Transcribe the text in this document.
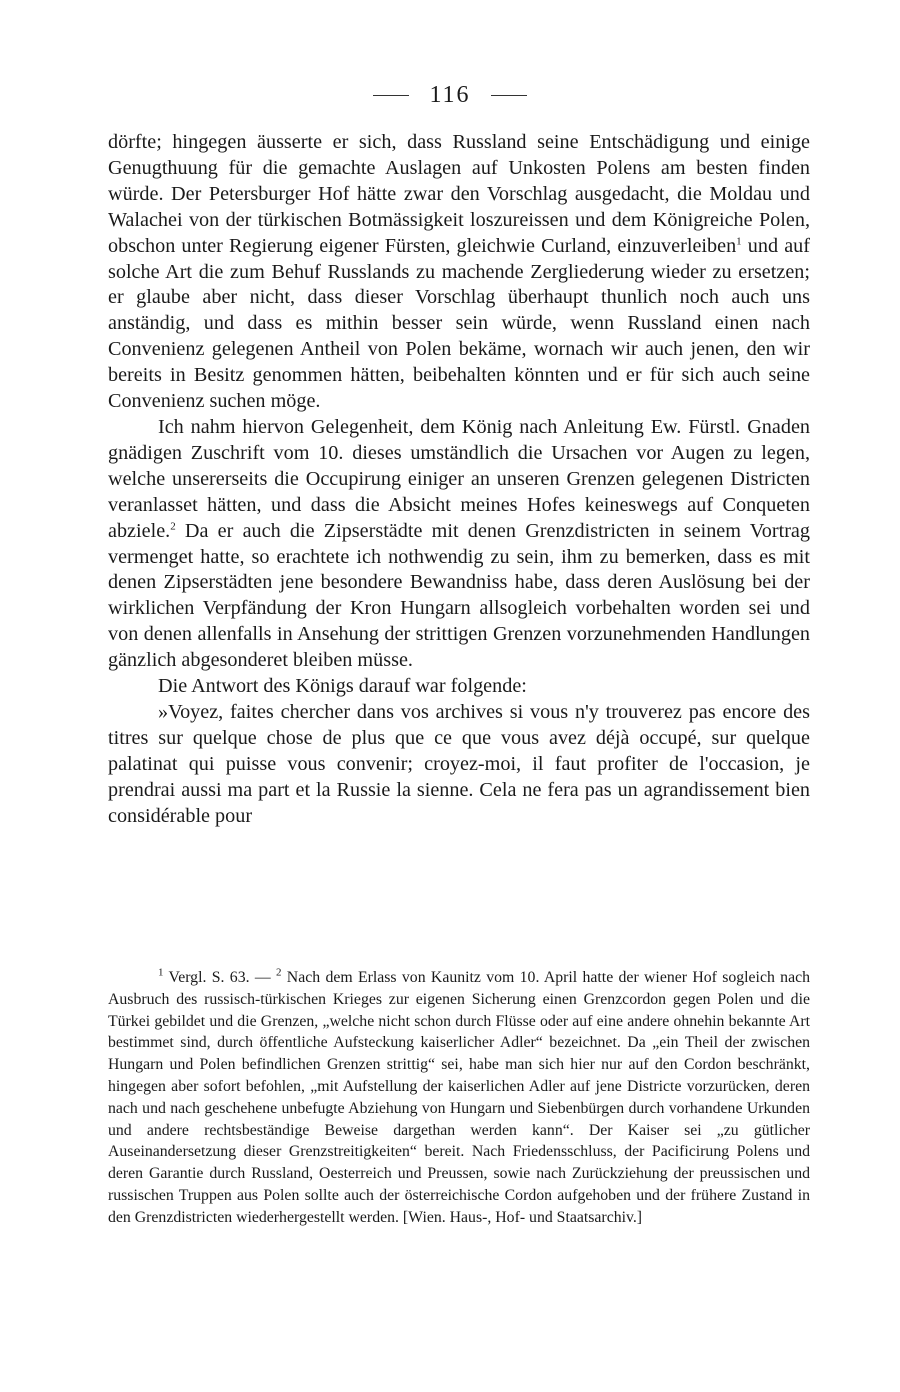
116

dörfte; hingegen äusserte er sich, dass Russland seine Entschädigung und einige Genugthuung für die gemachte Auslagen auf Unkosten Polens am besten finden würde. Der Petersburger Hof hätte zwar den Vorschlag ausgedacht, die Moldau und Walachei von der türkischen Botmässigkeit loszureissen und dem Königreiche Polen, obschon unter Regierung eigener Fürsten, gleichwie Curland, einzuverleiben$^1$ und auf solche Art die zum Behuf Russlands zu machende Zergliederung wieder zu ersetzen; er glaube aber nicht, dass dieser Vorschlag überhaupt thunlich noch auch uns anständig, und dass es mithin besser sein würde, wenn Russland einen nach Convenienz gelegenen Antheil von Polen bekäme, wornach wir auch jenen, den wir bereits in Besitz genommen hätten, beibehalten könnten und er für sich auch seine Convenienz suchen möge.

Ich nahm hiervon Gelegenheit, dem König nach Anleitung Ew. Fürstl. Gnaden gnädigen Zuschrift vom 10. dieses umständlich die Ursachen vor Augen zu legen, welche unsererseits die Occupirung einiger an unseren Grenzen gelegenen Districten veranlasset hätten, und dass die Absicht meines Hofes keineswegs auf Conqueten abziele.$^2$ Da er auch die Zipserstädte mit denen Grenzdistricten in seinem Vortrag vermenget hatte, so erachtete ich nothwendig zu sein, ihm zu bemerken, dass es mit denen Zipserstädten jene besondere Bewandniss habe, dass deren Auslösung bei der wirklichen Verpfändung der Kron Hungarn allsogleich vorbehalten worden sei und von denen allenfalls in Ansehung der strittigen Grenzen vorzunehmenden Handlungen gänzlich abgesonderet bleiben müsse.

Die Antwort des Königs darauf war folgende:

»Voyez, faites chercher dans vos archives si vous n'y trouverez pas encore des titres sur quelque chose de plus que ce que vous avez déjà occupé, sur quelque palatinat qui puisse vous convenir; croyez-moi, il faut profiter de l'occasion, je prendrai aussi ma part et la Russie la sienne. Cela ne fera pas un agrandissement bien considérable pour

$^1$ Vergl. S. 63. — $^2$ Nach dem Erlass von Kaunitz vom 10. April hatte der wiener Hof sogleich nach Ausbruch des russisch-türkischen Krieges zur eigenen Sicherung einen Grenzcordon gegen Polen und die Türkei gebildet und die Grenzen, „welche nicht schon durch Flüsse oder auf eine andere ohnehin bekannte Art bestimmet sind, durch öffentliche Aufsteckung kaiserlicher Adler“ bezeichnet. Da „ein Theil der zwischen Hungarn und Polen befindlichen Grenzen strittig“ sei, habe man sich hier nur auf den Cordon beschränkt, hingegen aber sofort befohlen, „mit Aufstellung der kaiserlichen Adler auf jene Districte vorzurücken, deren nach und nach geschehene unbefugte Abziehung von Hungarn und Siebenbürgen durch vorhandene Urkunden und andere rechtsbeständige Beweise dargethan werden kann“. Der Kaiser sei „zu gütlicher Auseinandersetzung dieser Grenzstreitigkeiten“ bereit. Nach Friedensschluss, der Pacificirung Polens und deren Garantie durch Russland, Oesterreich und Preussen, sowie nach Zurückziehung der preussischen und russischen Truppen aus Polen sollte auch der österreichische Cordon aufgehoben und der frühere Zustand in den Grenzdistricten wiederhergestellt werden. [Wien. Haus-, Hof- und Staatsarchiv.]
